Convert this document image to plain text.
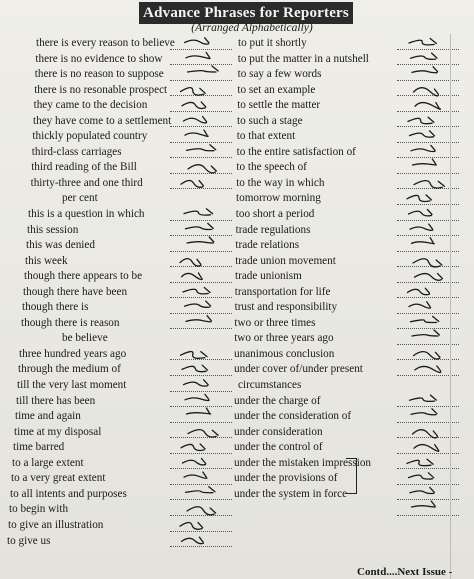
Advance Phrases for Reporters
(Arranged Alphabetically)
there is every reason to believe
there is no evidence to show
there is no reason to suppose
there is no resonable prospect
they came to the decision
they have come to a settlement
thickly populated country
third-class carriages
third reading of the Bill
thirty-three and one third
per cent
this is a question in which
this session
this was denied
this week
though there appears to be
though there have been
though there is
though there is reason
be believe
three hundred years ago
through the medium of
till the very last moment
till there has been
time and again
time at my disposal
time barred
to a large extent
to a very great extent
to all intents and purposes
to begin with
to give an illustration
to give us
to put it shortly
to put the matter in a nutshell
to say a few words
to set an example
to settle the matter
to such a stage
to that extent
to the entire satisfaction of
to the speech of
to the way in which
tomorrow morning
too short a period
trade regulations
trade relations
trade union movement
trade unionism
transportation for life
trust and responsibility
two or three times
two or three years ago
unanimous conclusion
under cover of/under present
circumstances
under the charge of
under the consideration of
under consideration
under the control of
under the mistaken impression
under the provisions of
under the system in force
Contd....Next Issue -
